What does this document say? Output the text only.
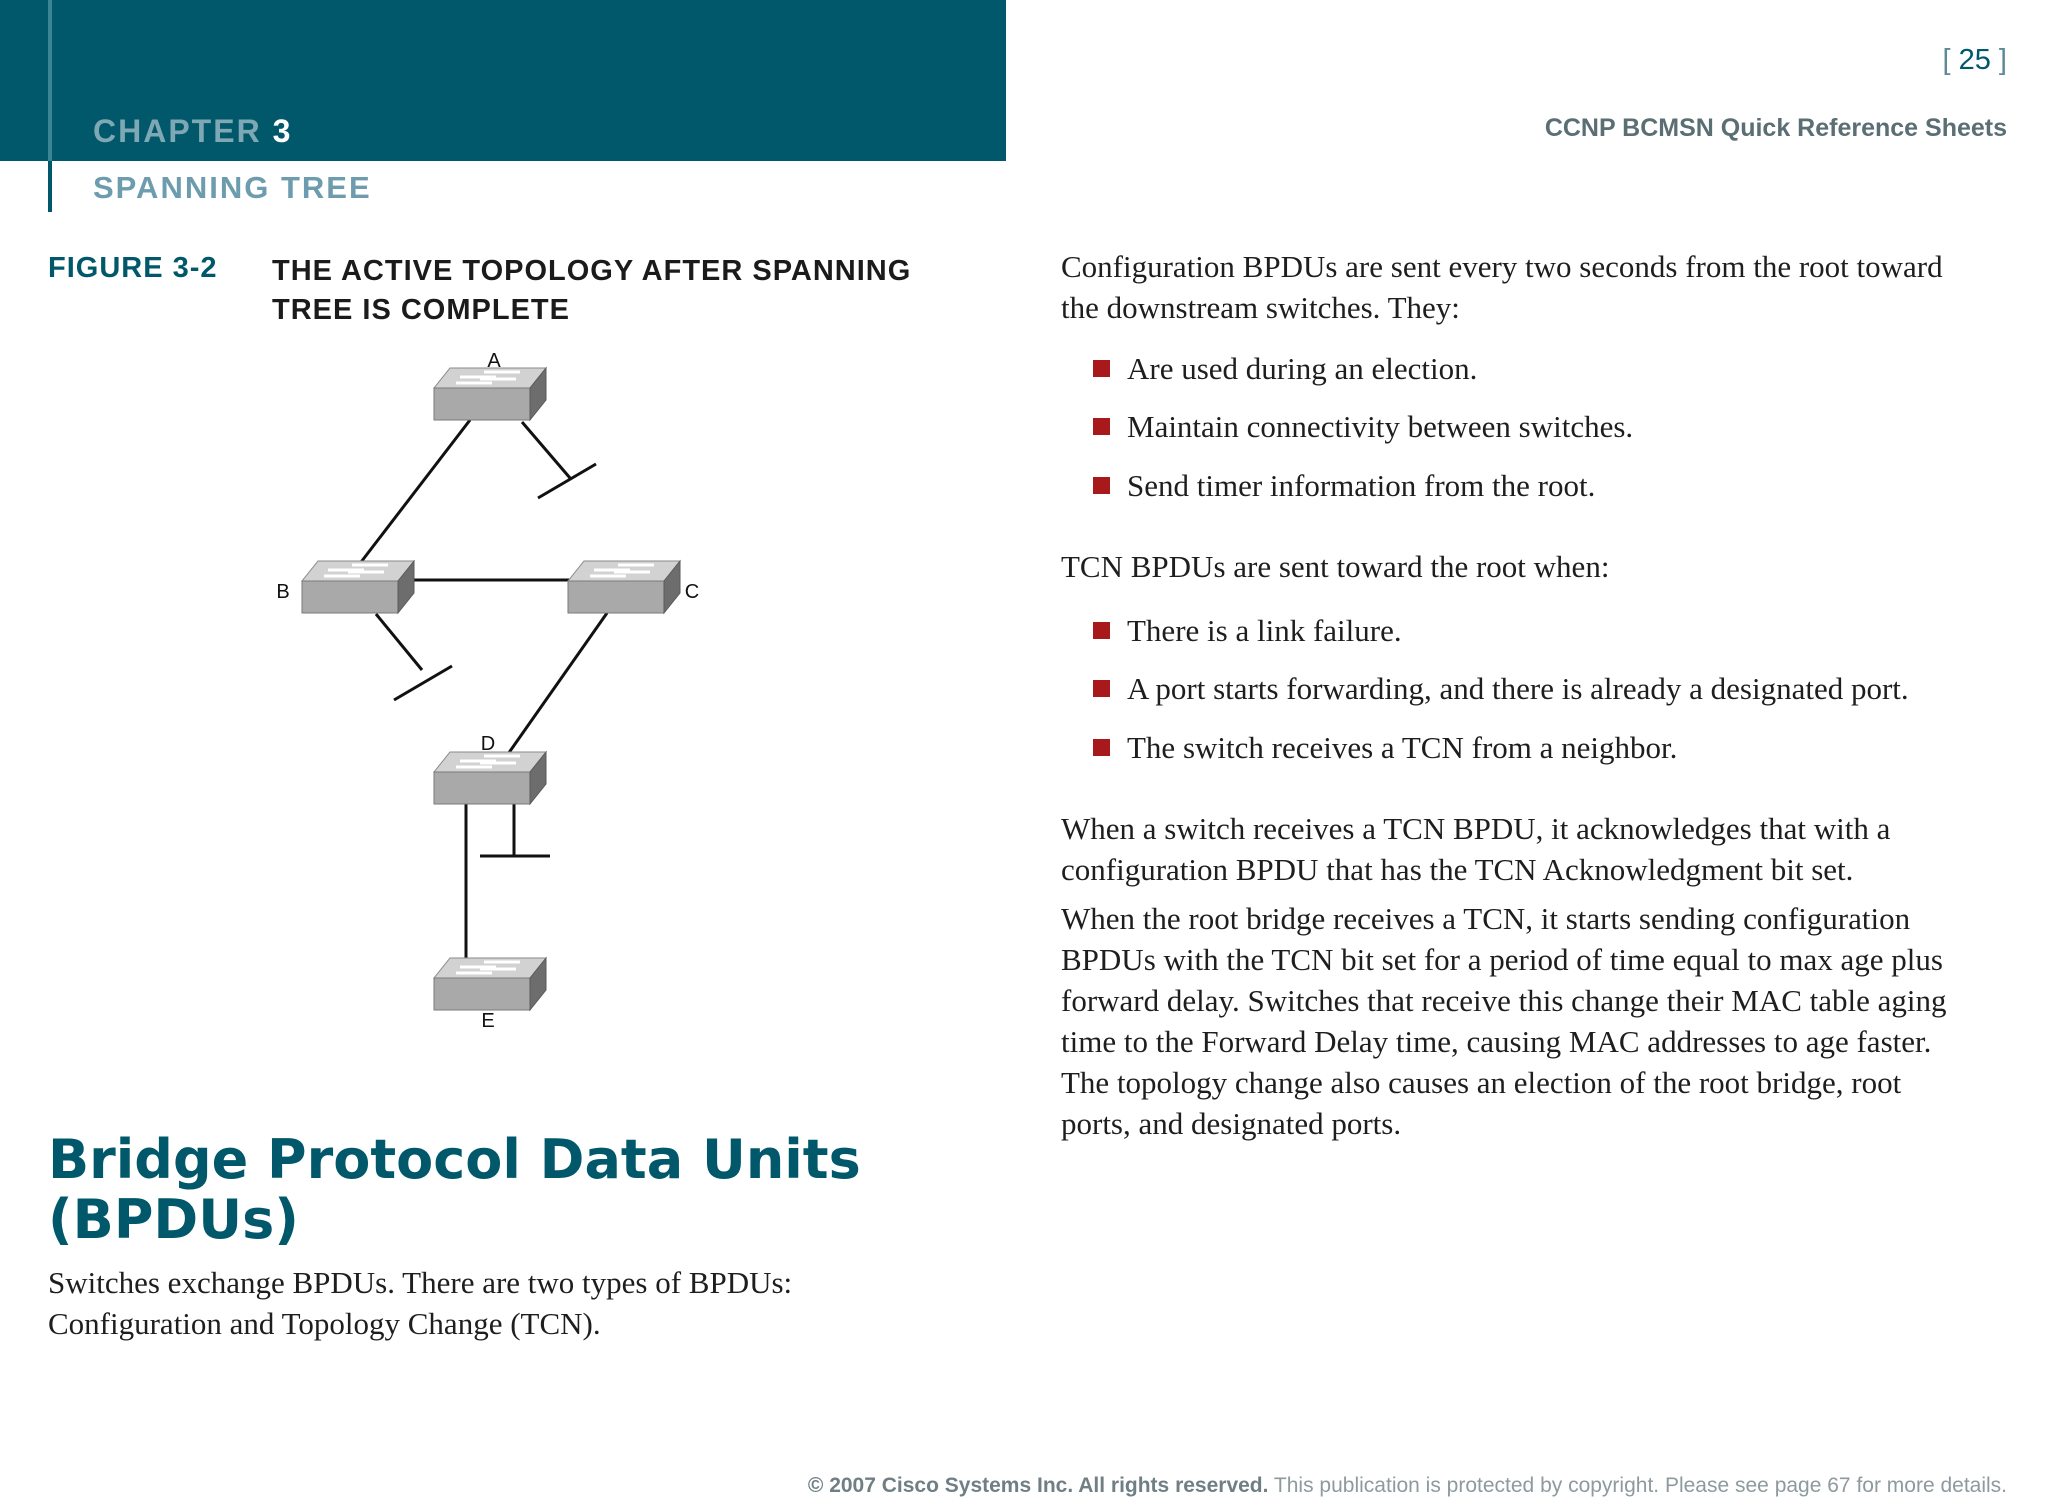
CHAPTER 3
SPANNING TREE
[ 25 ]
CCNP BCMSN Quick Reference Sheets
FIGURE 3-2 THE ACTIVE TOPOLOGY AFTER SPANNING
TREE IS COMPLETE
A
B	C
D
E
Bridge Protocol Data Units
(BPDUs)
Switches exchange BPDUs. There are two types of BPDUs:
Configuration and Topology Change (TCN).

Configuration BPDUs are sent every two seconds from the root toward
the downstream switches. They:

Are used during an election.
Maintain connectivity between switches.
Send timer information from the root.

TCN BPDUs are sent toward the root when:

There is a link failure.
A port starts forwarding, and there is already a designated port.
The switch receives a TCN from a neighbor.

When a switch receives a TCN BPDU, it acknowledges that with a
configuration BPDU that has the TCN Acknowledgment bit set.

When the root bridge receives a TCN, it starts sending configuration
BPDUs with the TCN bit set for a period of time equal to max age plus
forward delay. Switches that receive this change their MAC table aging
time to the Forward Delay time, causing MAC addresses to age faster.
The topology change also causes an election of the root bridge, root
ports, and designated ports.

© 2007 Cisco Systems Inc. All rights reserved. This publication is protected by copyright. Please see page 67 for more details.
